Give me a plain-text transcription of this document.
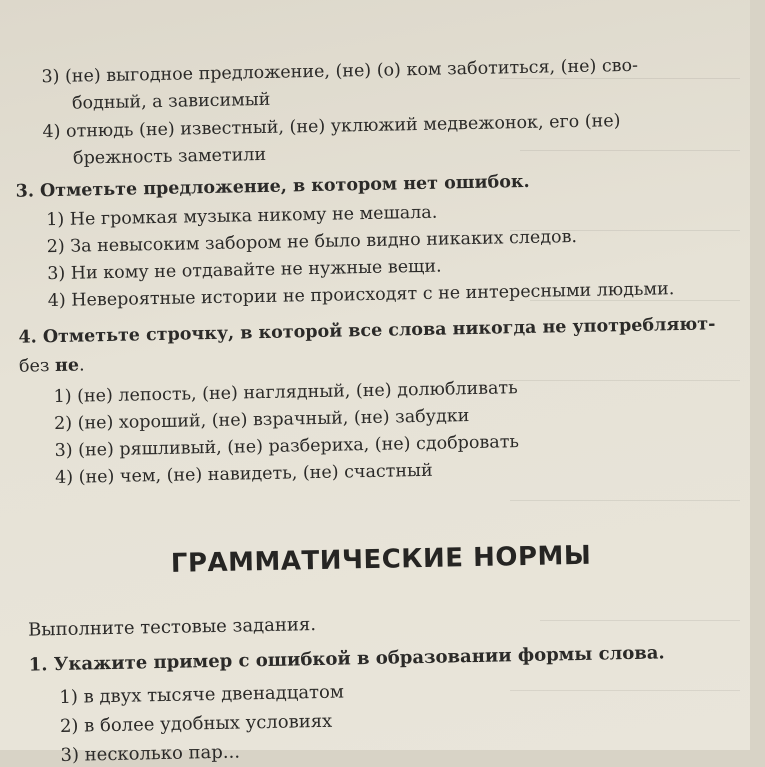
3) (не) выгодное предложение, (не) (о) ком заботиться, (не) сво-
бодный, а зависимый
4) отнюдь (не) известный, (не) уклюжий медвежонок, его (не)
брежность заметили
3. Отметьте предложение, в котором нет ошибок.
1) Не громкая музыка никому не мешала.
2) За невысоким забором не было видно никаких следов.
3) Ни кому не отдавайте не нужные вещи.
4) Невероятные истории не происходят с не интересными людьми.
4. Отметьте строчку, в которой все слова никогда не употребляют-
без не.
1) (не) лепость, (не) наглядный, (не) долюбливать
2) (не) хороший, (не) взрачный, (не) забудки
3) (не) ряшливый, (не) разбериха, (не) сдобровать
4) (не) чем, (не) навидеть, (не) счастный
ГРАММАТИЧЕСКИЕ НОРМЫ
Выполните тестовые задания.
1. Укажите пример с ошибкой в образовании формы слова.
1) в двух тысяче двенадцатом
2) в более удобных условиях
3) несколько пар...
